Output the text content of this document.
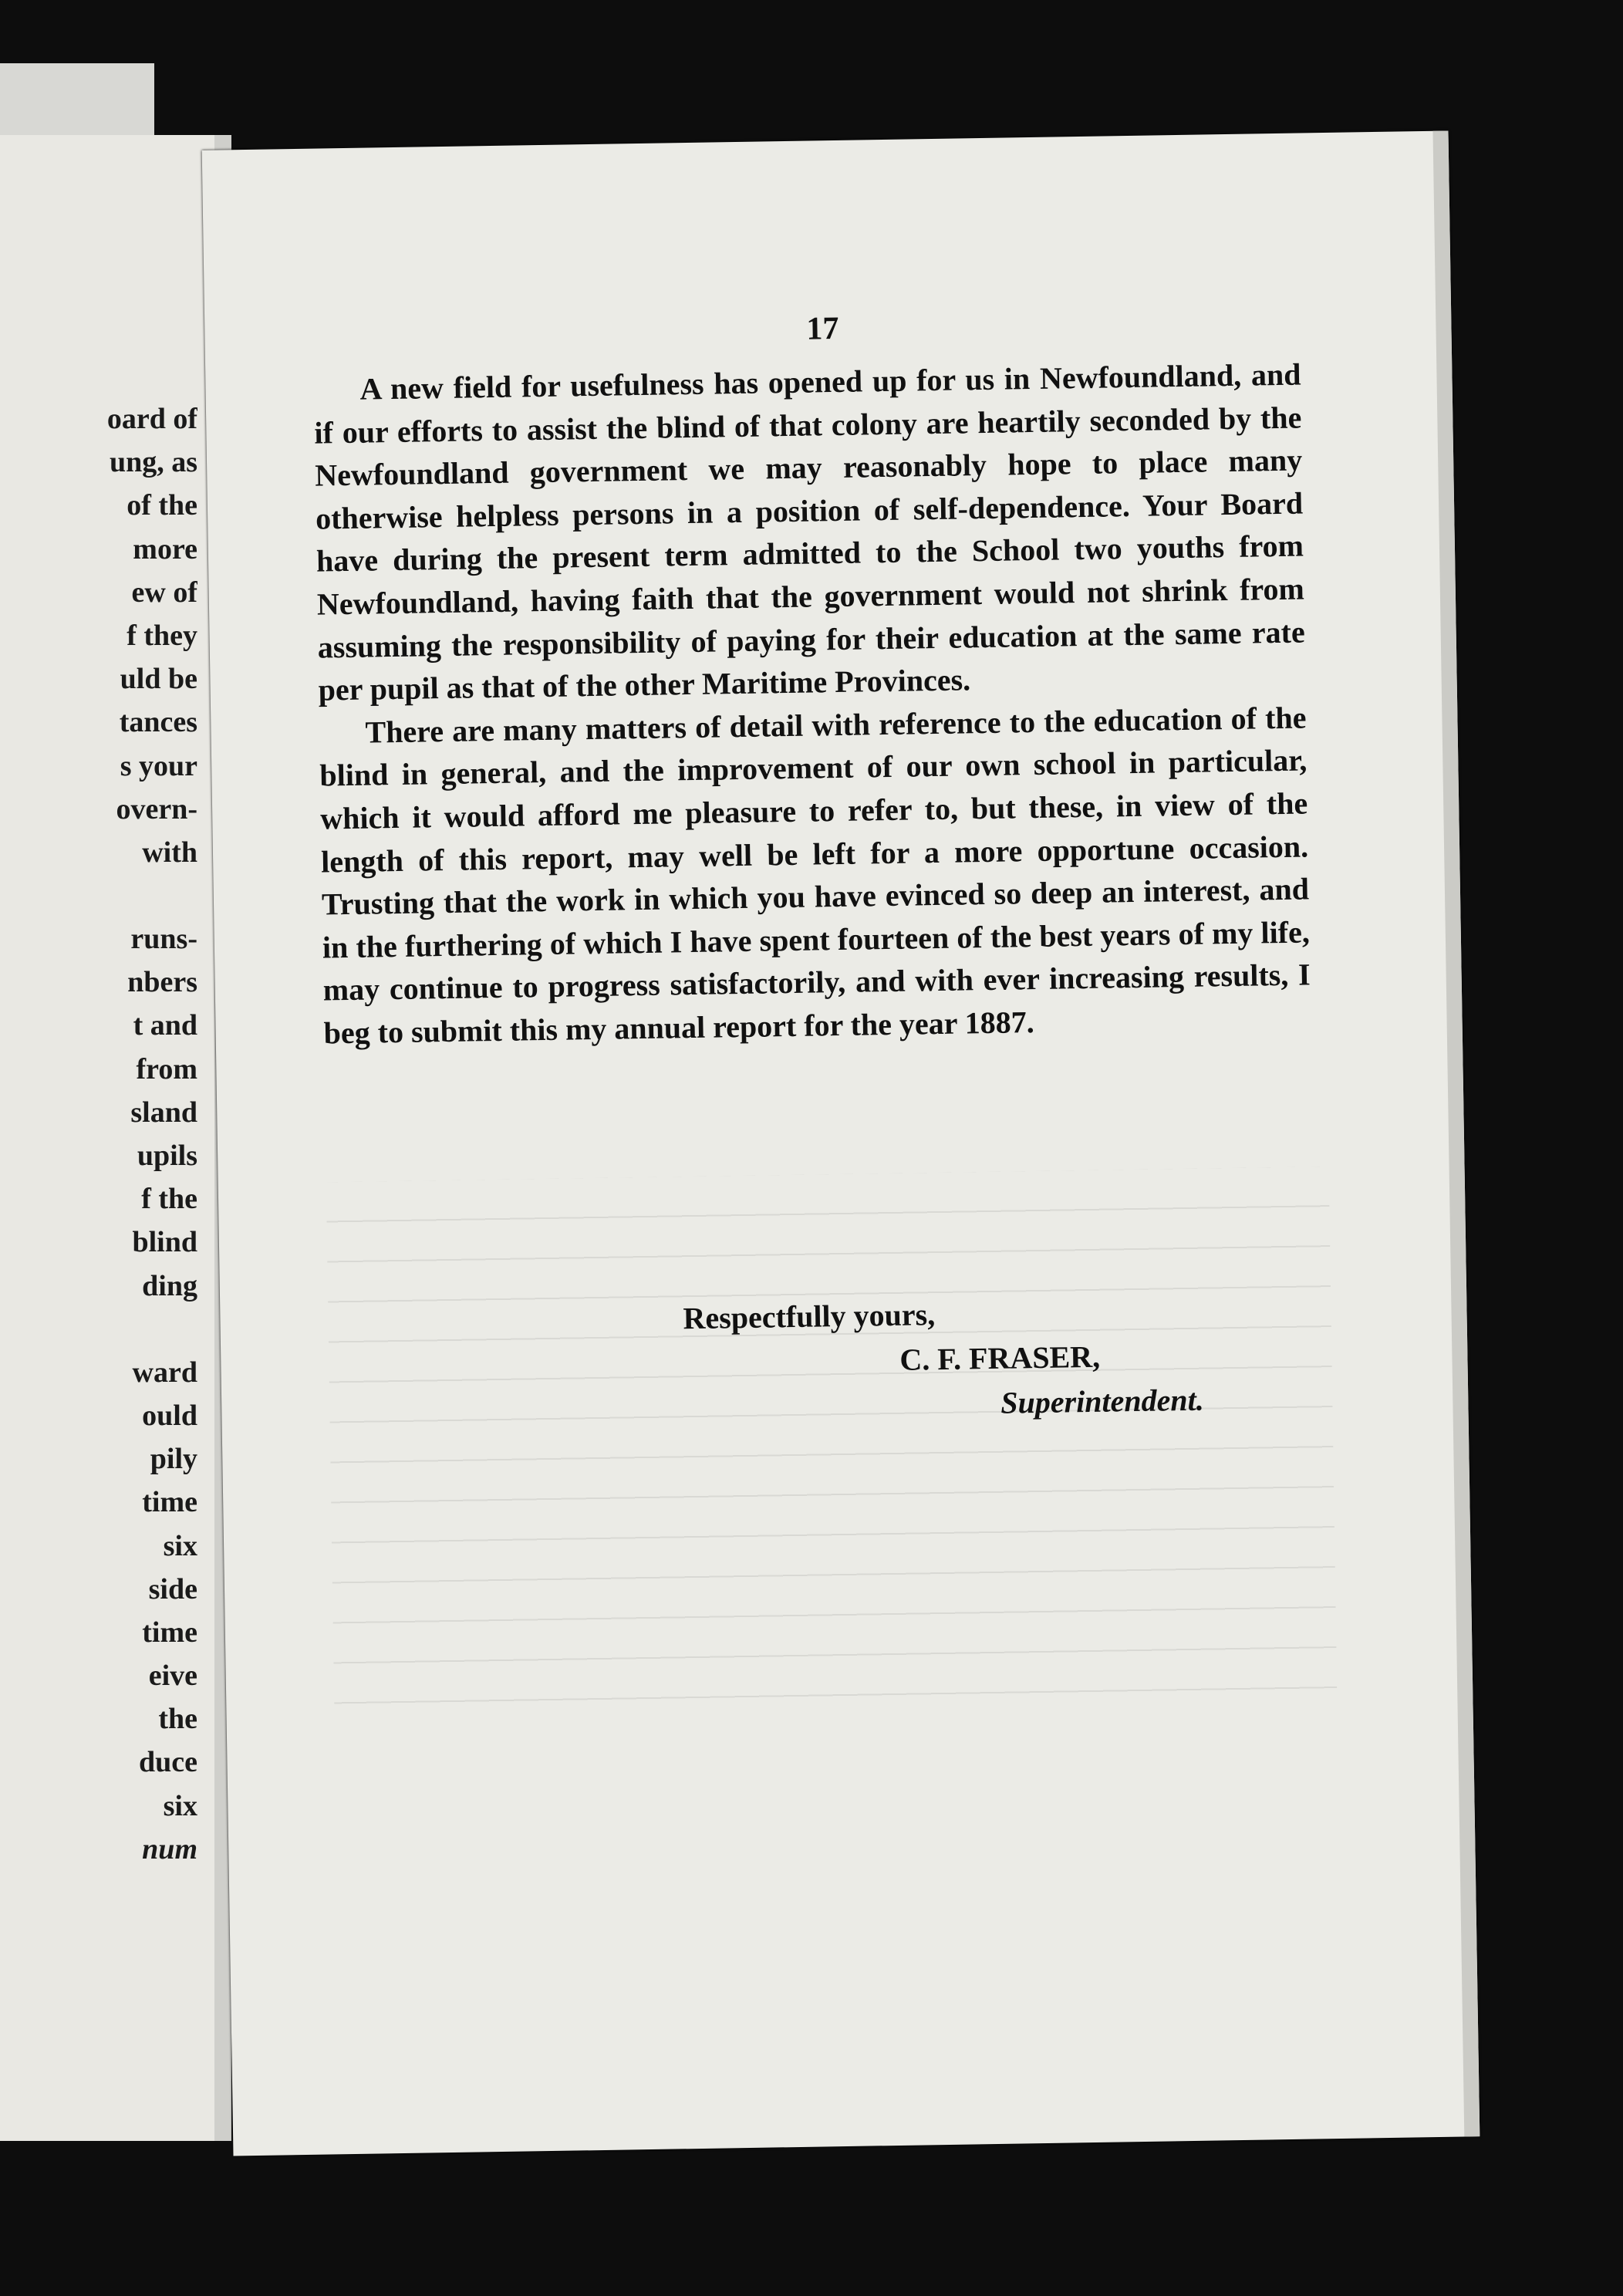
oard of
ung, as
of the
more
ew of
f they
uld be
tances
s your
overn-
with
runs-
nbers
t and
from
sland
upils
f the
blind
ding
ward
ould
pily
time
six
side
time
eive
the
duce
six
num
17

A new field for usefulness has opened up for us in Newfoundland, and if our efforts to assist the blind of that colony are heartily seconded by the Newfoundland government we may reasonably hope to place many otherwise helpless persons in a position of self-dependence. Your Board have during the present term admitted to the School two youths from Newfoundland, having faith that the government would not shrink from assuming the responsibility of paying for their education at the same rate per pupil as that of the other Maritime Provinces.

There are many matters of detail with reference to the education of the blind in general, and the improvement of our own school in particular, which it would afford me pleasure to refer to, but these, in view of the length of this report, may well be left for a more opportune occasion. Trusting that the work in which you have evinced so deep an interest, and in the furthering of which I have spent fourteen of the best years of my life, may continue to progress satisfactorily, and with ever increasing results, I beg to submit this my annual report for the year 1887.

Respectfully yours,
C. F. FRASER,
Superintendent.
